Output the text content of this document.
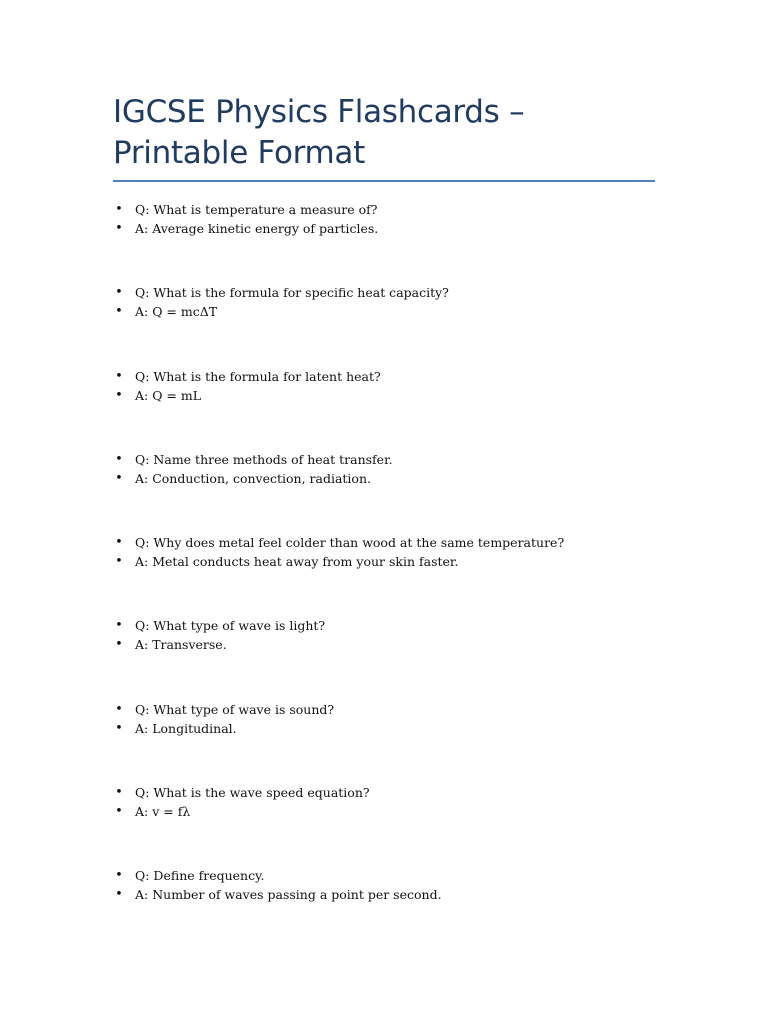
IGCSE Physics Flashcards – Printable Format
• Q: What is temperature a measure of?
• A: Average kinetic energy of particles.
• Q: What is the formula for specific heat capacity?
• A: Q = mcΔT
• Q: What is the formula for latent heat?
• A: Q = mL
• Q: Name three methods of heat transfer.
• A: Conduction, convection, radiation.
• Q: Why does metal feel colder than wood at the same temperature?
• A: Metal conducts heat away from your skin faster.
• Q: What type of wave is light?
• A: Transverse.
• Q: What type of wave is sound?
• A: Longitudinal.
• Q: What is the wave speed equation?
• A: v = fλ
• Q: Define frequency.
• A: Number of waves passing a point per second.
